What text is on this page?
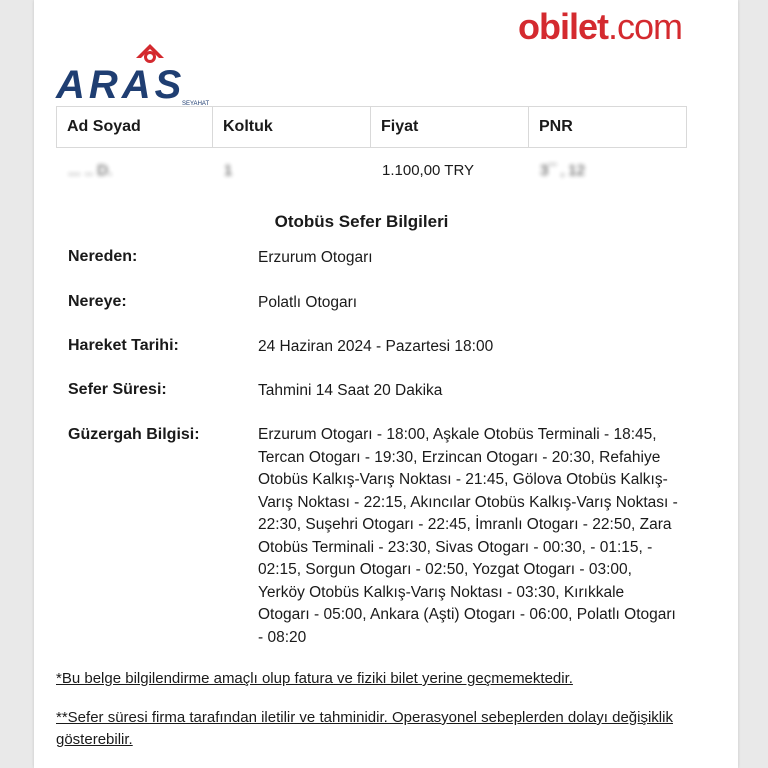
obilet.com
ARAS
SEYAHAT
Ad Soyad	Koltuk	Fiyat	PNR
... .. D.	1	1.100,00 TRY	3¯ ‚ 12
Otobüs Sefer Bilgileri
Nereden:	Erzurum Otogarı
Nereye:	Polatlı Otogarı
Hareket Tarihi:	24 Haziran 2024 - Pazartesi 18:00
Sefer Süresi:	Tahmini 14 Saat 20 Dakika
Güzergah Bilgisi:	Erzurum Otogarı - 18:00, Aşkale Otobüs Terminali - 18:45, Tercan Otogarı - 19:30, Erzincan Otogarı - 20:30, Refahiye Otobüs Kalkış-Varış Noktası - 21:45, Gölova Otobüs Kalkış-Varış Noktası - 22:15, Akıncılar Otobüs Kalkış-Varış Noktası - 22:30, Suşehri Otogarı - 22:45, İmranlı Otogarı - 22:50, Zara Otobüs Terminali - 23:30, Sivas Otogarı - 00:30, - 01:15, - 02:15, Sorgun Otogarı - 02:50, Yozgat Otogarı - 03:00, Yerköy Otobüs Kalkış-Varış Noktası - 03:30, Kırıkkale Otogarı - 05:00, Ankara (Aşti) Otogarı - 06:00, Polatlı Otogarı - 08:20
*Bu belge bilgilendirme amaçlı olup fatura ve fiziki bilet yerine geçmemektedir.
**Sefer süresi firma tarafından iletilir ve tahminidir. Operasyonel sebeplerden dolayı değişiklik gösterebilir.
